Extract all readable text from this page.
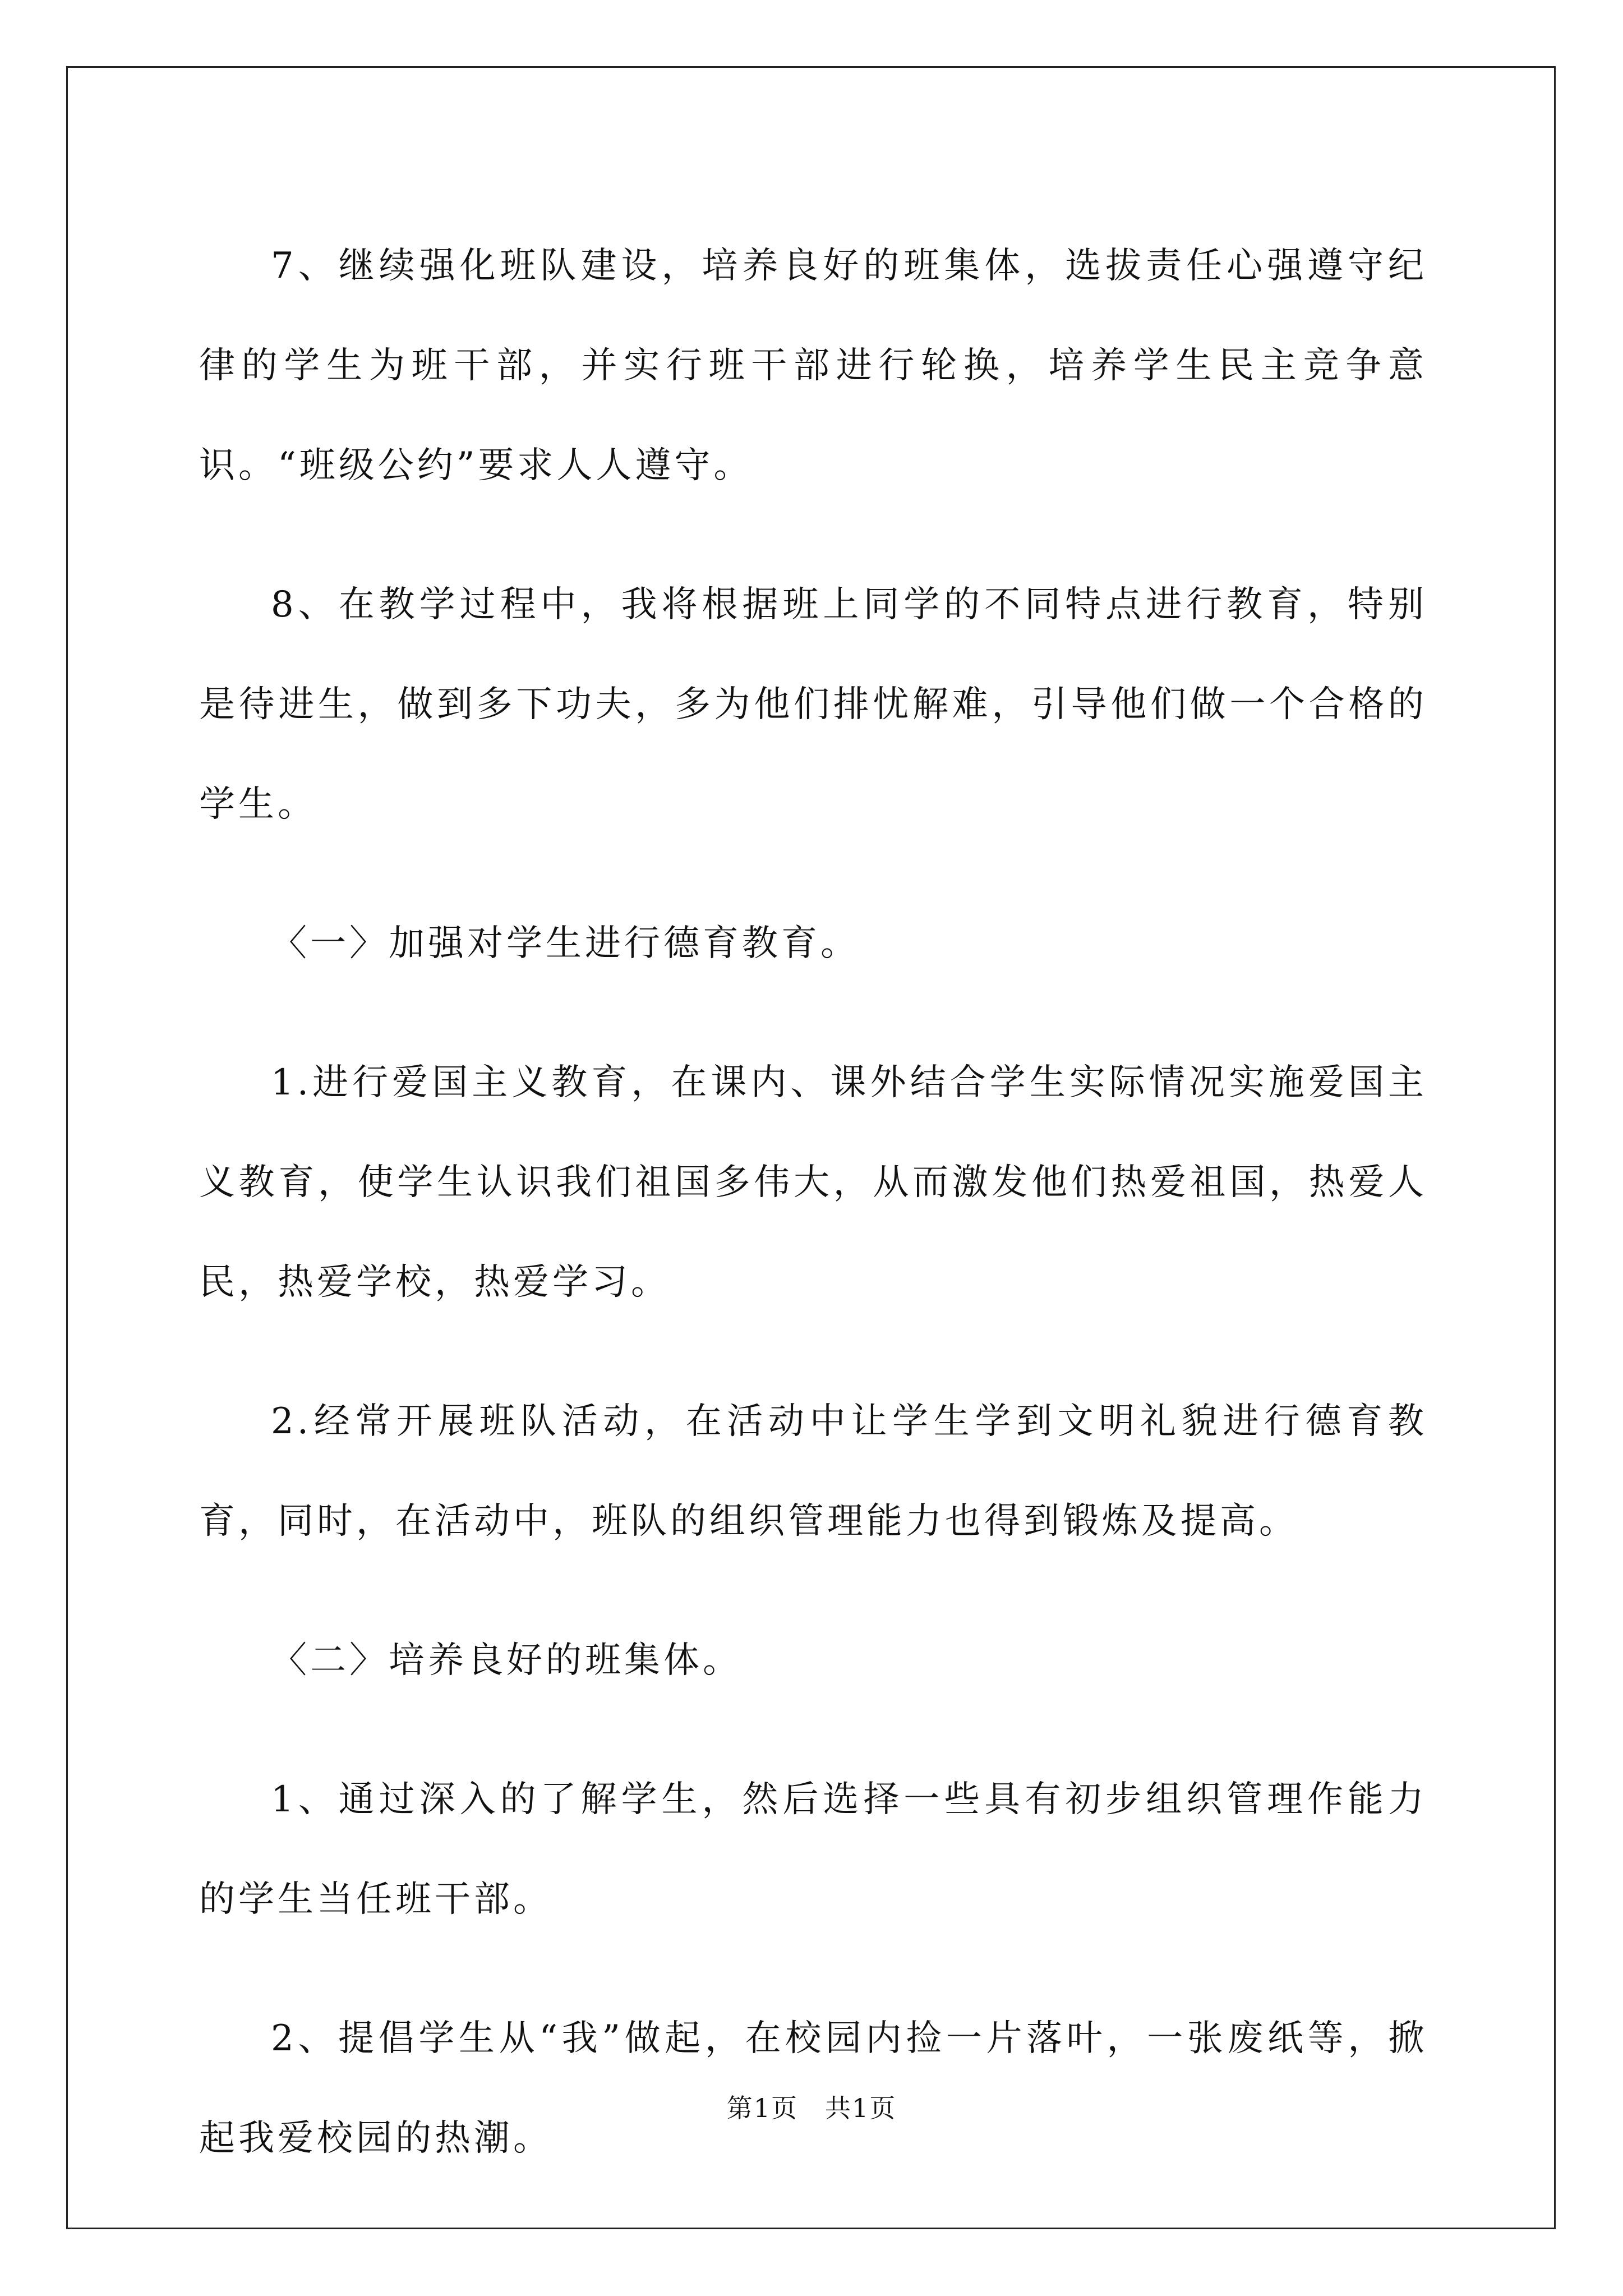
7、继续强化班队建设，培养良好的班集体，选拔责任心强遵守纪律的学生为班干部，并实行班干部进行轮换，培养学生民主竞争意识。“班级公约”要求人人遵守。

8、在教学过程中，我将根据班上同学的不同特点进行教育，特别是待进生，做到多下功夫，多为他们排忧解难，引导他们做一个合格的学生。

〈一〉加强对学生进行德育教育。

1.进行爱国主义教育，在课内、课外结合学生实际情况实施爱国主义教育，使学生认识我们祖国多伟大，从而激发他们热爱祖国，热爱人民，热爱学校，热爱学习。

2.经常开展班队活动，在活动中让学生学到文明礼貌进行德育教育，同时，在活动中，班队的组织管理能力也得到锻炼及提高。

〈二〉培养良好的班集体。

1、通过深入的了解学生，然后选择一些具有初步组织管理作能力的学生当任班干部。

2、提倡学生从“我”做起，在校园内捡一片落叶，一张废纸等，掀起我爱校园的热潮。

第1页　共1页
